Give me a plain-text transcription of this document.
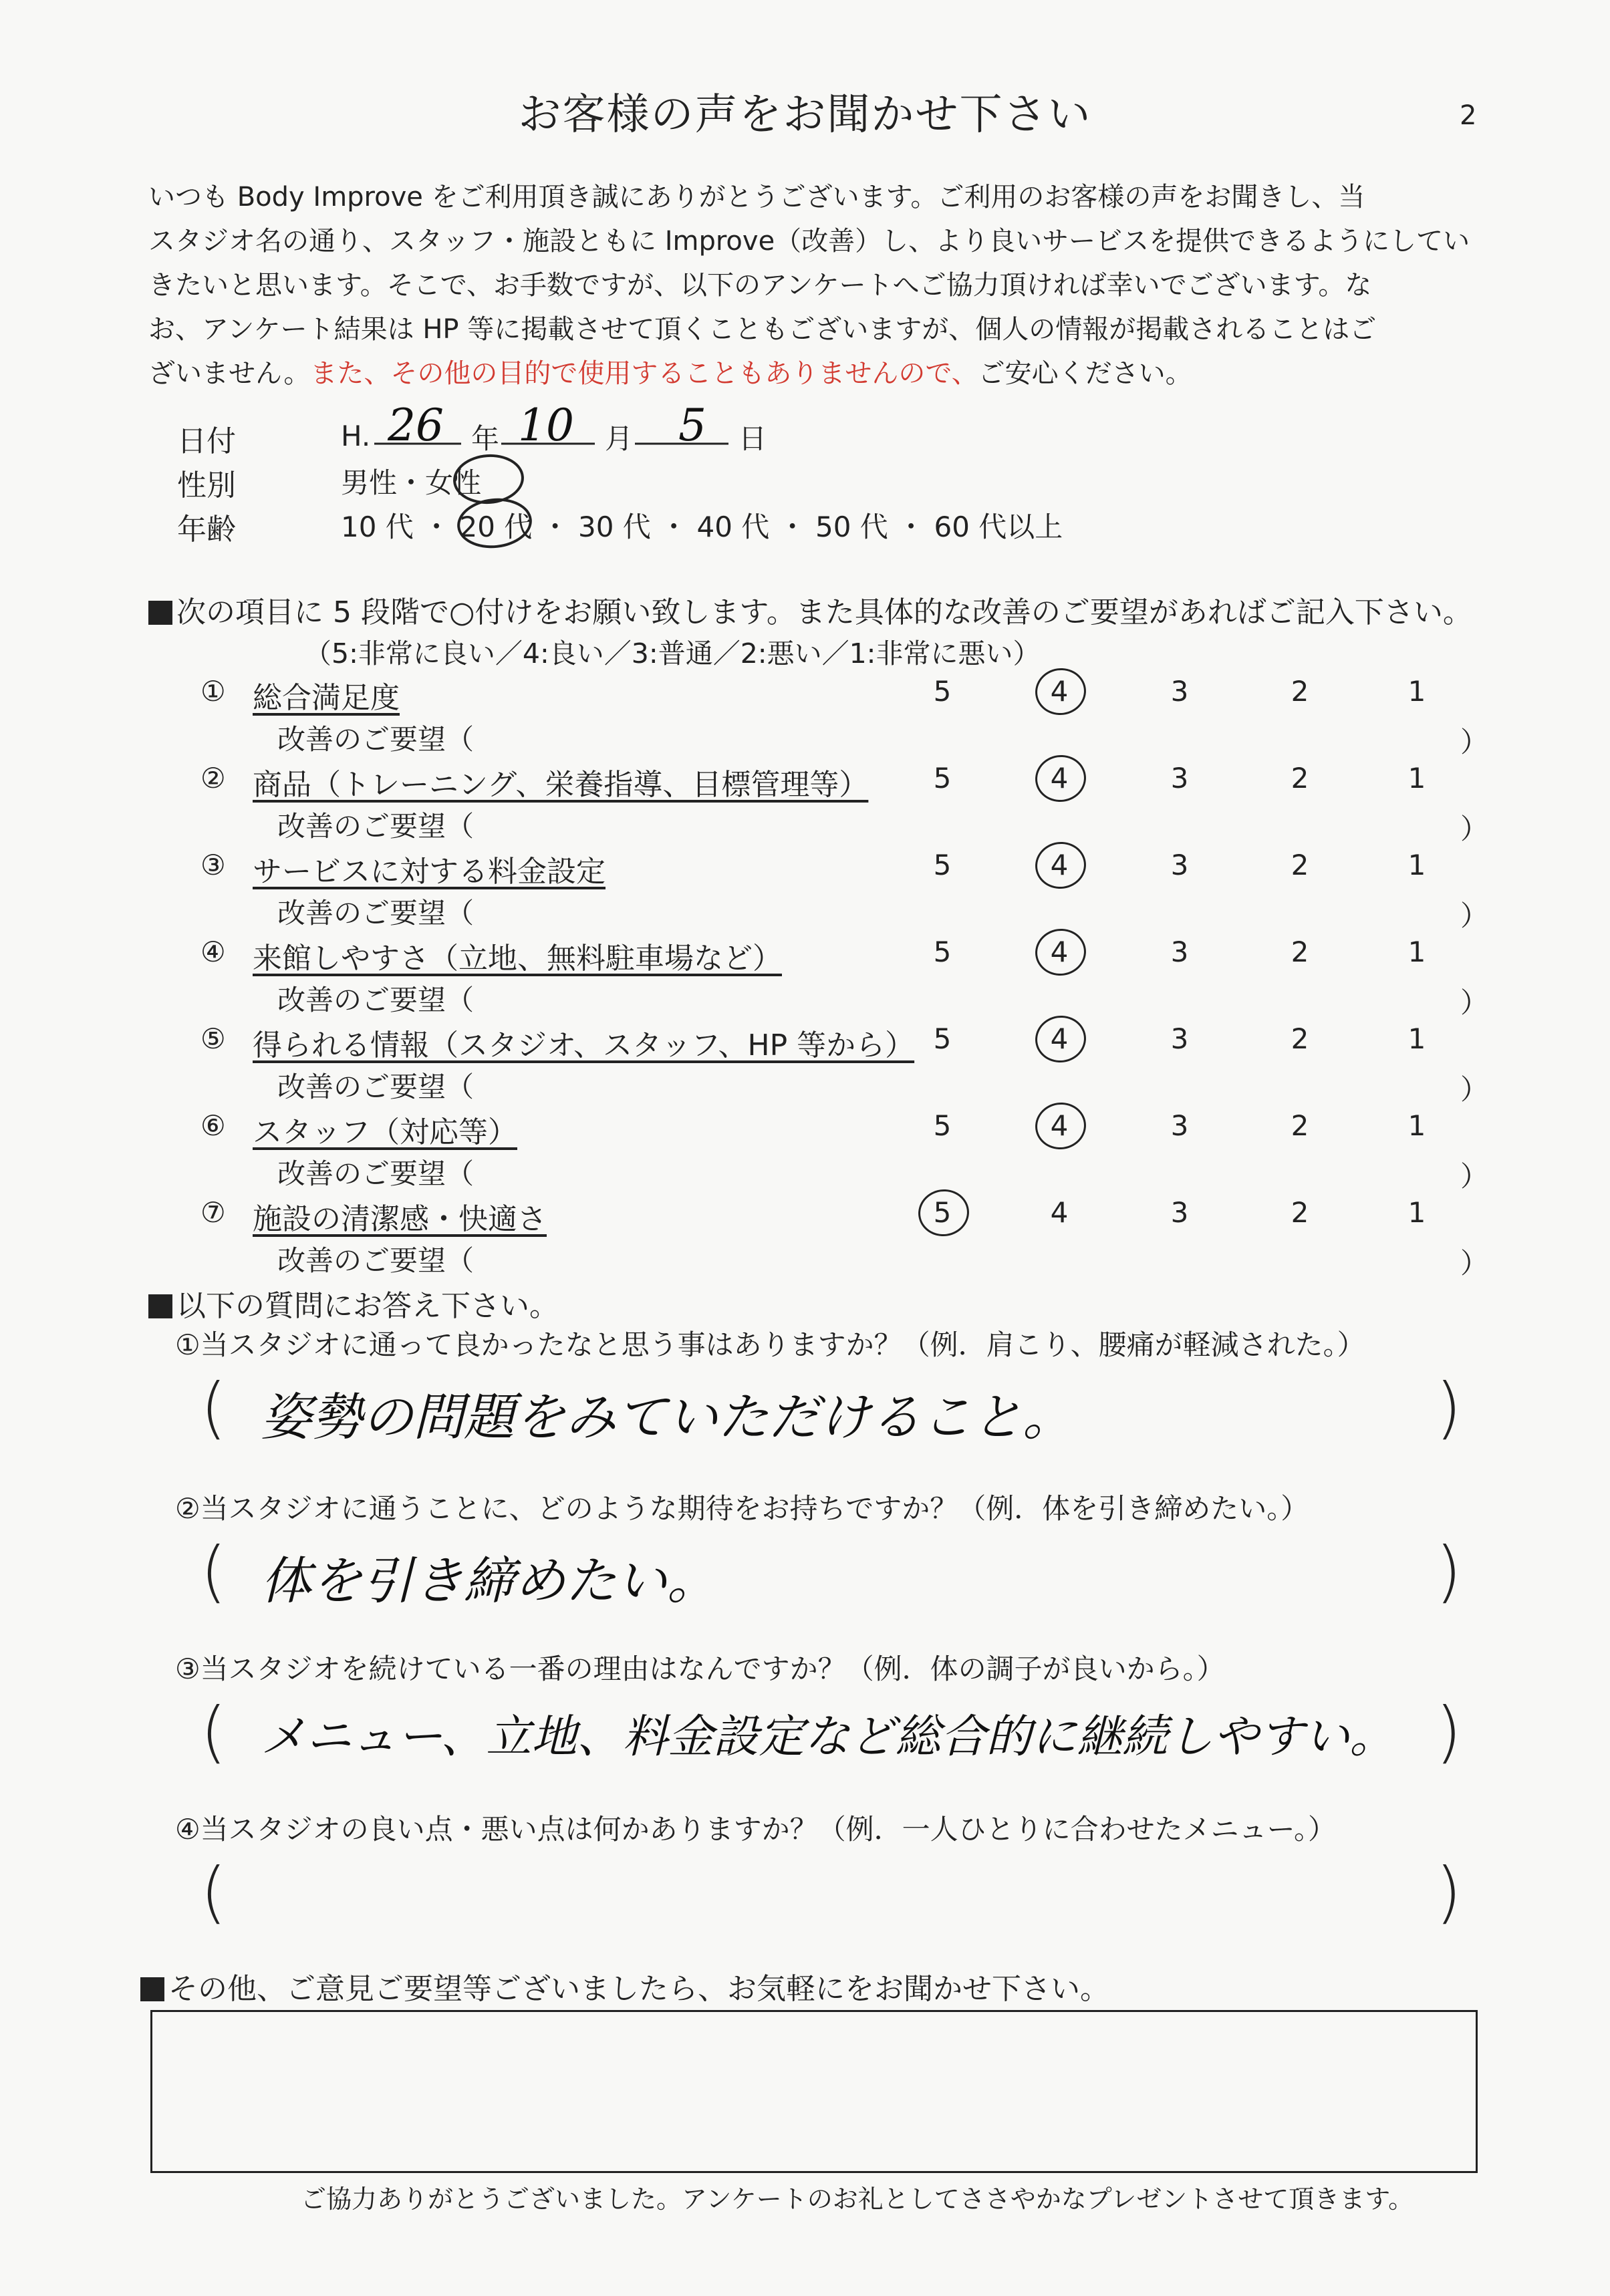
お客様の声をお聞かせ下さい	2
いつも Body Improve をご利用頂き誠にありがとうございます。ご利用のお客様の声をお聞きし、当
スタジオ名の通り、スタッフ・施設ともに Improve（改善）し、より良いサービスを提供できるようにしてい
きたいと思います。そこで、お手数ですが、以下のアンケートへご協力頂ければ幸いでございます。な
お、アンケート結果は HP 等に掲載させて頂くこともございますが、個人の情報が掲載されることはご
ざいません。また、その他の目的で使用することもありませんので、ご安心ください。
日付	H. 26 年 10 月 5 日
性別	男性・女性
年齢	10 代 ・ 20 代 ・ 30 代 ・ 40 代 ・ 50 代 ・ 60 代以上
次の項目に 5 段階で○付けをお願い致します。また具体的な改善のご要望があればご記入下さい。
（5:非常に良い／4:良い／3:普通／2:悪い／1:非常に悪い）
① 総合満足度	5	4	3	2	1
改善のご要望（	）
② 商品（トレーニング、栄養指導、目標管理等）	5	4	3	2	1
改善のご要望（	）
③ サービスに対する料金設定	5	4	3	2	1
改善のご要望（	）
④ 来館しやすさ（立地、無料駐車場など）	5	4	3	2	1
改善のご要望（	）
⑤ 得られる情報（スタジオ、スタッフ、HP 等から） 5	4	3	2	1
改善のご要望（	）
⑥ スタッフ（対応等）	5	4	3	2	1
改善のご要望（	）
⑦ 施設の清潔感・快適さ	5	4	3	2	1
改善のご要望（	）
以下の質問にお答え下さい。
①当スタジオに通って良かったなと思う事はありますか？（例．肩こり、腰痛が軽減された。）
( 姿勢の問題をみていただけること。	)
②当スタジオに通うことに、どのような期待をお持ちですか？（例．体を引き締めたい。）
( 体を引き締めたい。	)
③当スタジオを続けている一番の理由はなんですか？（例．体の調子が良いから。）
( メニュー、立地、料金設定など総合的に継続しやすい。 )
④当スタジオの良い点・悪い点は何かありますか？（例．一人ひとりに合わせたメニュー。）
(	)
その他、ご意見ご要望等ございましたら、お気軽にをお聞かせ下さい。
ご協力ありがとうございました。アンケートのお礼としてささやかなプレゼントさせて頂きます。
